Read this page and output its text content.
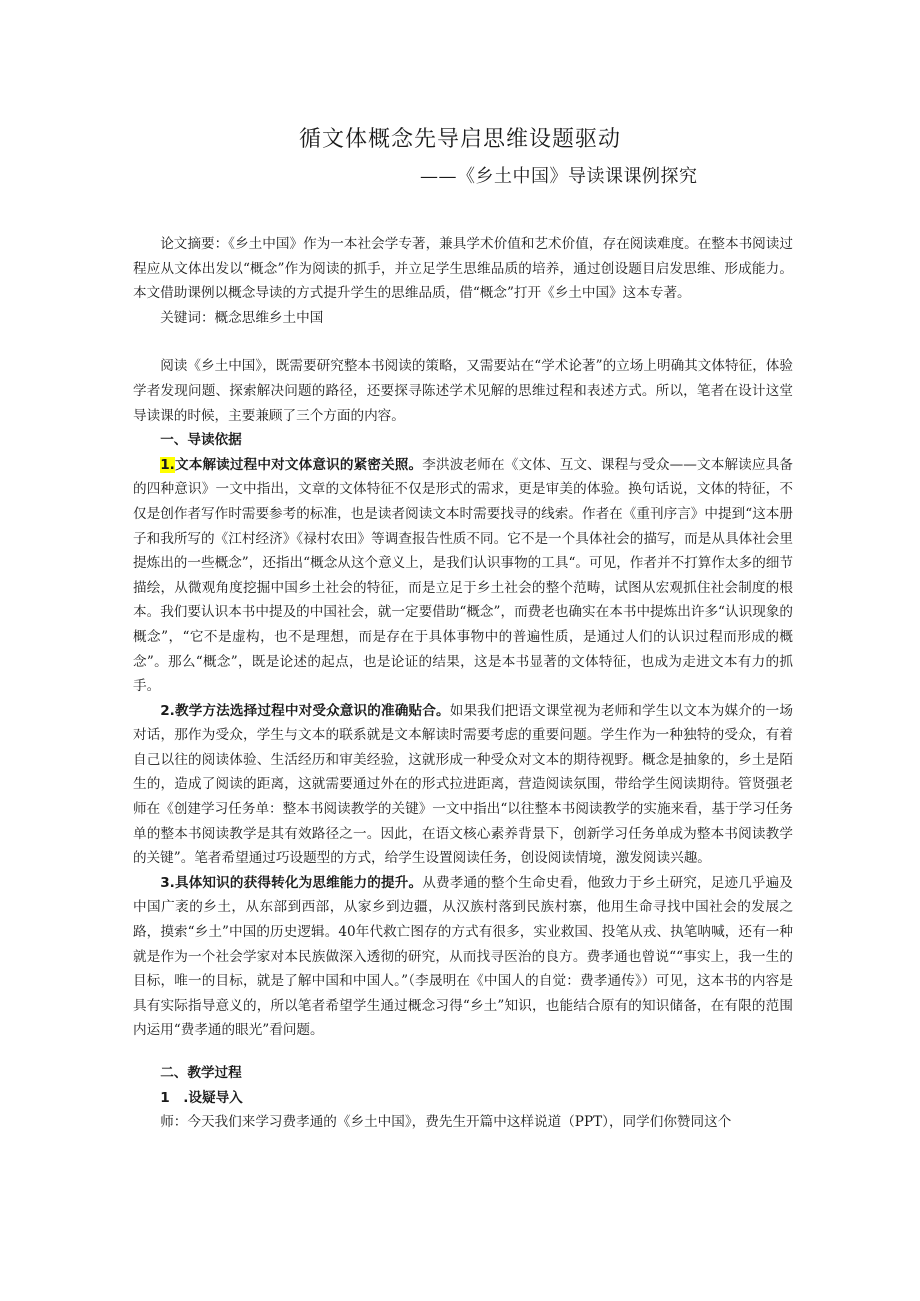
循文体概念先导启思维设题驱动

——《乡土中国》导读课课例探究

论文摘要：《乡土中国》作为一本社会学专著，兼具学术价值和艺术价值，存在阅读难度。在整本书阅读过程应从文体出发以“概念”作为阅读的抓手，并立足学生思维品质的培养，通过创设题目启发思维、形成能力。本文借助课例以概念导读的方式提升学生的思维品质，借“概念”打开《乡土中国》这本专著。

关键词：概念思维乡土中国

阅读《乡土中国》，既需要研究整本书阅读的策略，又需要站在“学术论著”的立场上明确其文体特征，体验学者发现问题、探索解决问题的路径，还要探寻陈述学术见解的思维过程和表述方式。所以，笔者在设计这堂导读课的时候，主要兼顾了三个方面的内容。

一、导读依据

1.文本解读过程中对文体意识的紧密关照。李洪波老师在《文体、互文、课程与受众——文本解读应具备的四种意识》一文中指出，文章的文体特征不仅是形式的需求，更是审美的体验。换句话说，文体的特征，不仅是创作者写作时需要参考的标准，也是读者阅读文本时需要找寻的线索。作者在《重刊序言》中提到“这本册子和我所写的《江村经济》《禄村农田》等调查报告性质不同。它不是一个具体社会的描写，而是从具体社会里提炼出的一些概念”，还指出“概念从这个意义上，是我们认识事物的工具“。可见，作者并不打算作太多的细节描绘，从微观角度挖掘中国乡土社会的特征，而是立足于乡土社会的整个范畴，试图从宏观抓住社会制度的根本。我们要认识本书中提及的中国社会，就一定要借助“概念”，而费老也确实在本书中提炼出许多“认识现象的概念”，“它不是虚构，也不是理想，而是存在于具体事物中的普遍性质，是通过人们的认识过程而形成的概念”。那么“概念”，既是论述的起点，也是论证的结果，这是本书显著的文体特征，也成为走进文本有力的抓手。

2.教学方法选择过程中对受众意识的准确贴合。如果我们把语文课堂视为老师和学生以文本为媒介的一场对话，那作为受众，学生与文本的联系就是文本解读时需要考虑的重要问题。学生作为一种独特的受众，有着自己以往的阅读体验、生活经历和审美经验，这就形成一种受众对文本的期待视野。概念是抽象的，乡土是陌生的，造成了阅读的距离，这就需要通过外在的形式拉进距离，营造阅读氛围，带给学生阅读期待。管贤强老师在《创建学习任务单：整本书阅读教学的关键》一文中指出“以往整本书阅读教学的实施来看，基于学习任务单的整本书阅读教学是其有效路径之一。因此，在语文核心素养背景下，创新学习任务单成为整本书阅读教学的关键”。笔者希望通过巧设题型的方式，给学生设置阅读任务，创设阅读情境，激发阅读兴趣。

3.具体知识的获得转化为思维能力的提升。从费孝通的整个生命史看，他致力于乡土研究，足迹几乎遍及中国广袤的乡土，从东部到西部，从家乡到边疆，从汉族村落到民族村寨，他用生命寻找中国社会的发展之路，摸索“乡土”中国的历史逻辑。40年代救亡图存的方式有很多，实业救国、投笔从戎、执笔呐喊，还有一种就是作为一个社会学家对本民族做深入透彻的研究，从而找寻医治的良方。费孝通也曾说““事实上，我一生的目标，唯一的目标，就是了解中国和中国人。”（李晟明在《中国人的自觉：费孝通传》）可见，这本书的内容是具有实际指导意义的，所以笔者希望学生通过概念习得“乡土”知识，也能结合原有的知识储备，在有限的范围内运用“费孝通的眼光”看问题。

二、教学过程

1　.设疑导入

师：今天我们来学习费孝通的《乡土中国》，费先生开篇中这样说道（PPT），同学们你赞同这个
